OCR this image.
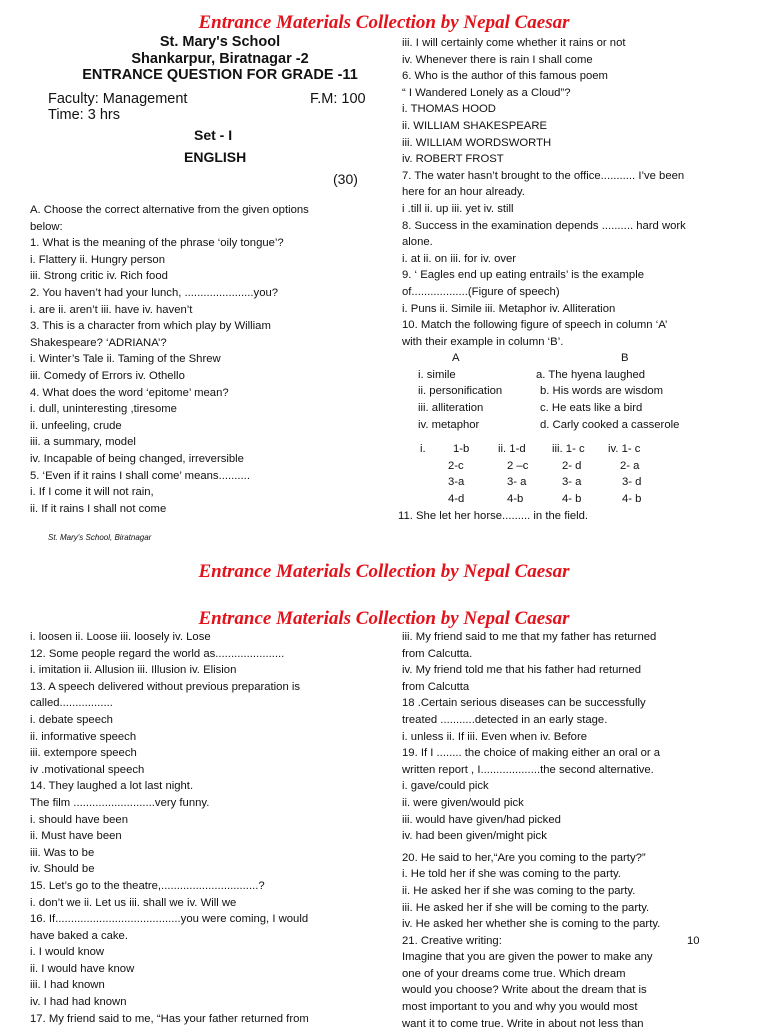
Entrance Materials Collection by Nepal Caesar
St. Mary's School
Shankarpur, Biratnagar -2
ENTRANCE QUESTION FOR GRADE -11
Faculty: Management	F.M: 100
Time: 3 hrs
Set - I
ENGLISH
(30)
A. Choose the correct alternative from the given options
below:
1. What is the meaning of the phrase ‘oily tongue’?
i. Flattery ii. Hungry person
iii. Strong critic iv. Rich food
2. You haven’t had your lunch, ......................you?
i. are ii. aren’t iii. have iv. haven’t
3. This is a character from which play by William
Shakespeare? ‘ADRIANA’?
i. Winter’s Tale ii. Taming of the Shrew
iii. Comedy of Errors iv. Othello
4. What does the word ‘epitome’ mean?
i. dull, uninteresting ,tiresome
ii. unfeeling, crude
iii. a summary, model
iv. Incapable of being changed, irreversible
5. ‘Even if it rains I shall come’ means..........
i. If I come it will not rain,
ii. If it rains I shall not come
iii. I will certainly come whether it rains or not
iv. Whenever there is rain I shall come
6. Who is the author of this famous poem
“ I Wandered Lonely as a Cloud”?
i. THOMAS HOOD
ii. WILLIAM SHAKESPEARE
iii. WILLIAM WORDSWORTH
iv. ROBERT FROST
7. The water hasn’t brought to the office........... I’ve been
here for an hour already.
i .till ii. up iii. yet iv. still
8. Success in the examination depends .......... hard work
alone.
i. at ii. on iii. for iv. over
9. ‘ Eagles end up eating entrails’ is the example
of..................(Figure of speech)
i. Puns ii. Simile iii. Metaphor iv. Alliteration
10. Match the following figure of speech in column ‘A’
with their example in column ‘B’.
A	B
i. simile	a. The hyena laughed
ii. personification	b. His words are wisdom
iii. alliteration	c. He eats like a bird
iv. metaphor	d. Carly cooked a casserole
i. 1-b	ii. 1-d iii. 1- c iv. 1- c
2-c	2 –c	2- d	2- a
3-a	3- a	3- a	3- d
4-d	4-b	4- b	4- b
11. She let her horse......... in the field.
St. Mary's School, Biratnagar
Entrance Materials Collection by Nepal Caesar
Entrance Materials Collection by Nepal Caesar
i. loosen ii. Loose iii. loosely iv. Lose
12. Some people regard the world as......................
i. imitation ii. Allusion iii. Illusion iv. Elision
13. A speech delivered without previous preparation is
called.................
i. debate speech
ii. informative speech
iii. extempore speech
iv .motivational speech
14. They laughed a lot last night.
The film ..........................very funny.
i. should have been
ii. Must have been
iii. Was to be
iv. Should be
15. Let’s go to the theatre,...............................?
i. don’t we ii. Let us iii. shall we iv. Will we
16. If........................................you were coming, I would
have baked a cake.
i. I would know
ii. I would have know
iii. I had known
iv. I had had known
17. My friend said to me, “Has your father returned from
iii. My friend said to me that my father has returned
from Calcutta.
iv. My friend told me that his father had returned
from Calcutta
18 .Certain serious diseases can be successfully
treated ...........detected in an early stage.
i. unless ii. If iii. Even when iv. Before
19. If I ........ the choice of making either an oral or a
written report , I...................the second alternative.
i. gave/could pick
ii. were given/would pick
iii. would have given/had picked
iv. had been given/might pick
20. He said to her,“Are you coming to the party?”
i. He told her if she was coming to the party.
ii. He asked her if she was coming to the party.
iii. He asked her if she will be coming to the party.
iv. He asked her whether she is coming to the party.
21. Creative writing:	10
Imagine that you are given the power to make any
one of your dreams come true. Which dream
would you choose? Write about the dream that is
most important to you and why you would most
want it to come true. Write in about not less than
